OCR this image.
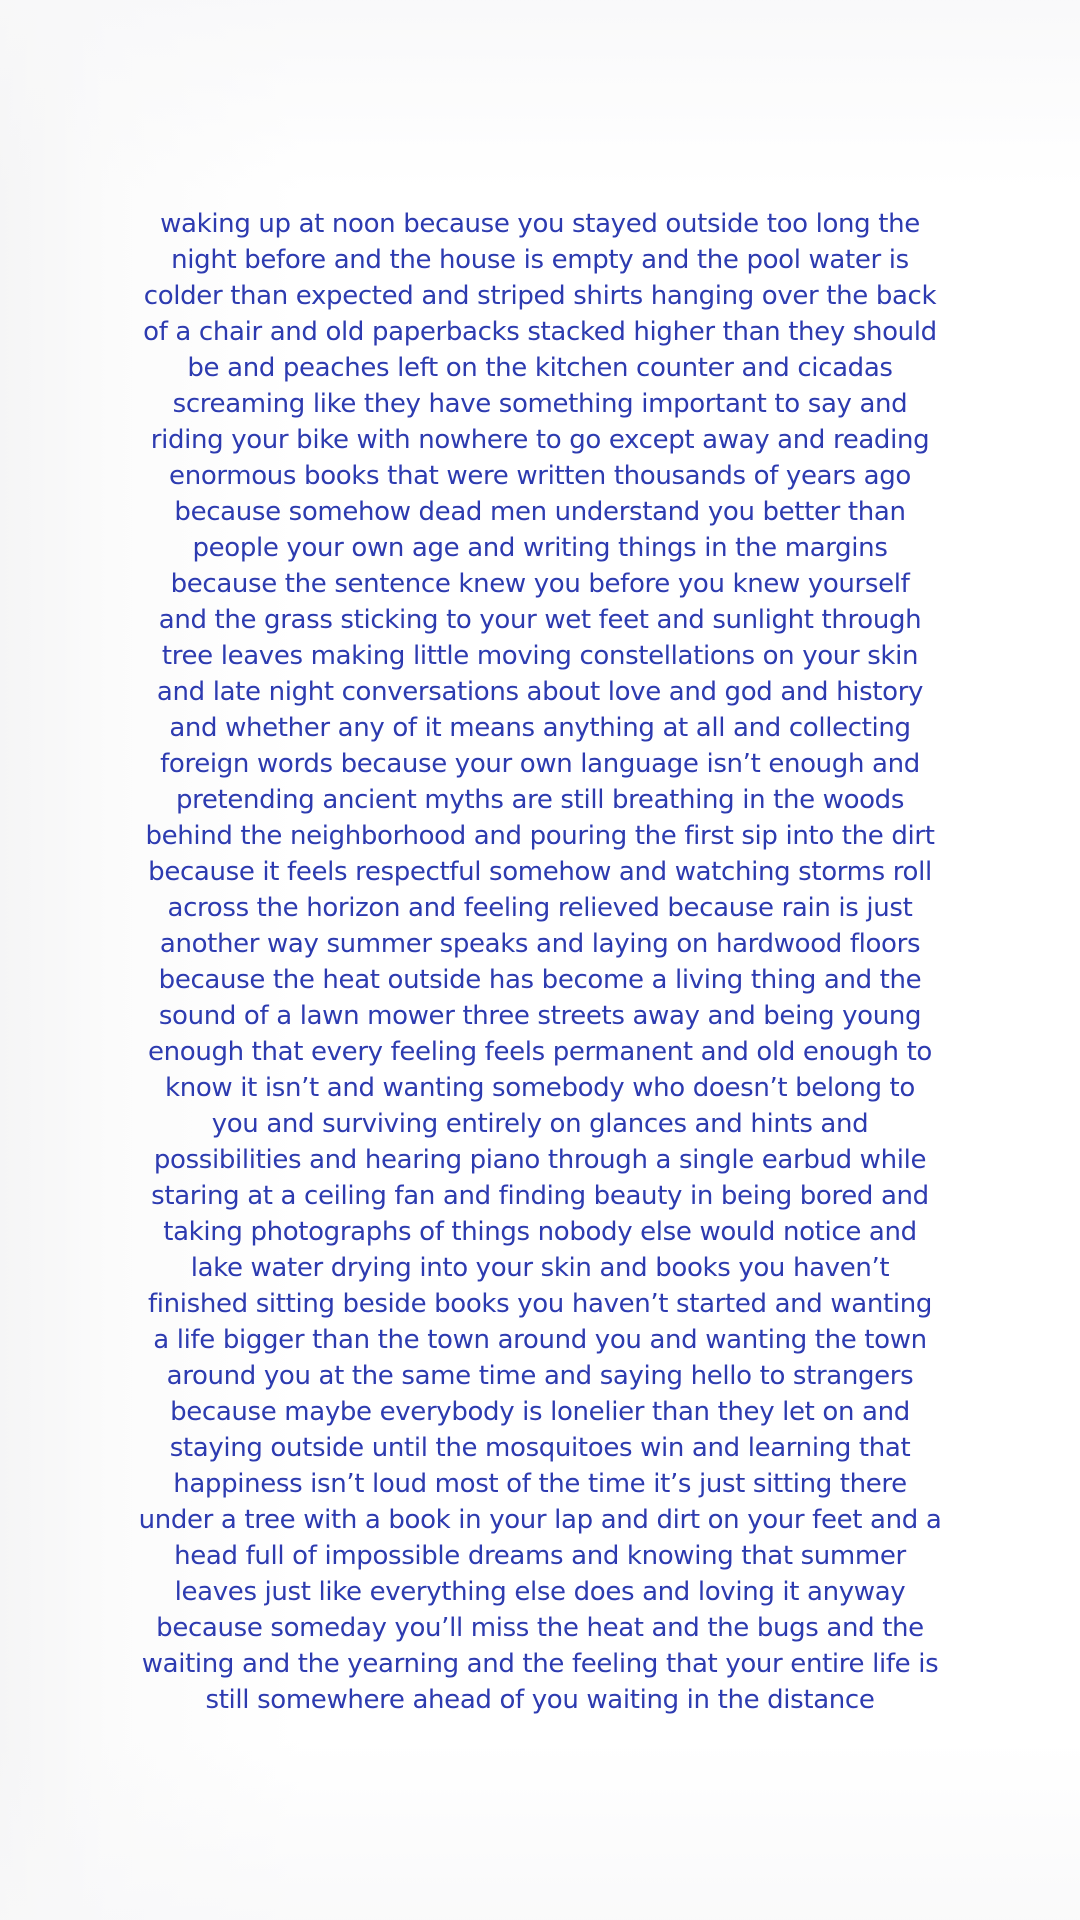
waking up at noon because you stayed outside too long the
night before and the house is empty and the pool water is
colder than expected and striped shirts hanging over the back
of a chair and old paperbacks stacked higher than they should
be and peaches left on the kitchen counter and cicadas
screaming like they have something important to say and
riding your bike with nowhere to go except away and reading
enormous books that were written thousands of years ago
because somehow dead men understand you better than
people your own age and writing things in the margins
because the sentence knew you before you knew yourself
and the grass sticking to your wet feet and sunlight through
tree leaves making little moving constellations on your skin
and late night conversations about love and god and history
and whether any of it means anything at all and collecting
foreign words because your own language isn’t enough and
pretending ancient myths are still breathing in the woods
behind the neighborhood and pouring the first sip into the dirt
because it feels respectful somehow and watching storms roll
across the horizon and feeling relieved because rain is just
another way summer speaks and laying on hardwood floors
because the heat outside has become a living thing and the
sound of a lawn mower three streets away and being young
enough that every feeling feels permanent and old enough to
know it isn’t and wanting somebody who doesn’t belong to
you and surviving entirely on glances and hints and
possibilities and hearing piano through a single earbud while
staring at a ceiling fan and finding beauty in being bored and
taking photographs of things nobody else would notice and
lake water drying into your skin and books you haven’t
finished sitting beside books you haven’t started and wanting
a life bigger than the town around you and wanting the town
around you at the same time and saying hello to strangers
because maybe everybody is lonelier than they let on and
staying outside until the mosquitoes win and learning that
happiness isn’t loud most of the time it’s just sitting there
under a tree with a book in your lap and dirt on your feet and a
head full of impossible dreams and knowing that summer
leaves just like everything else does and loving it anyway
because someday you’ll miss the heat and the bugs and the
waiting and the yearning and the feeling that your entire life is
still somewhere ahead of you waiting in the distance
